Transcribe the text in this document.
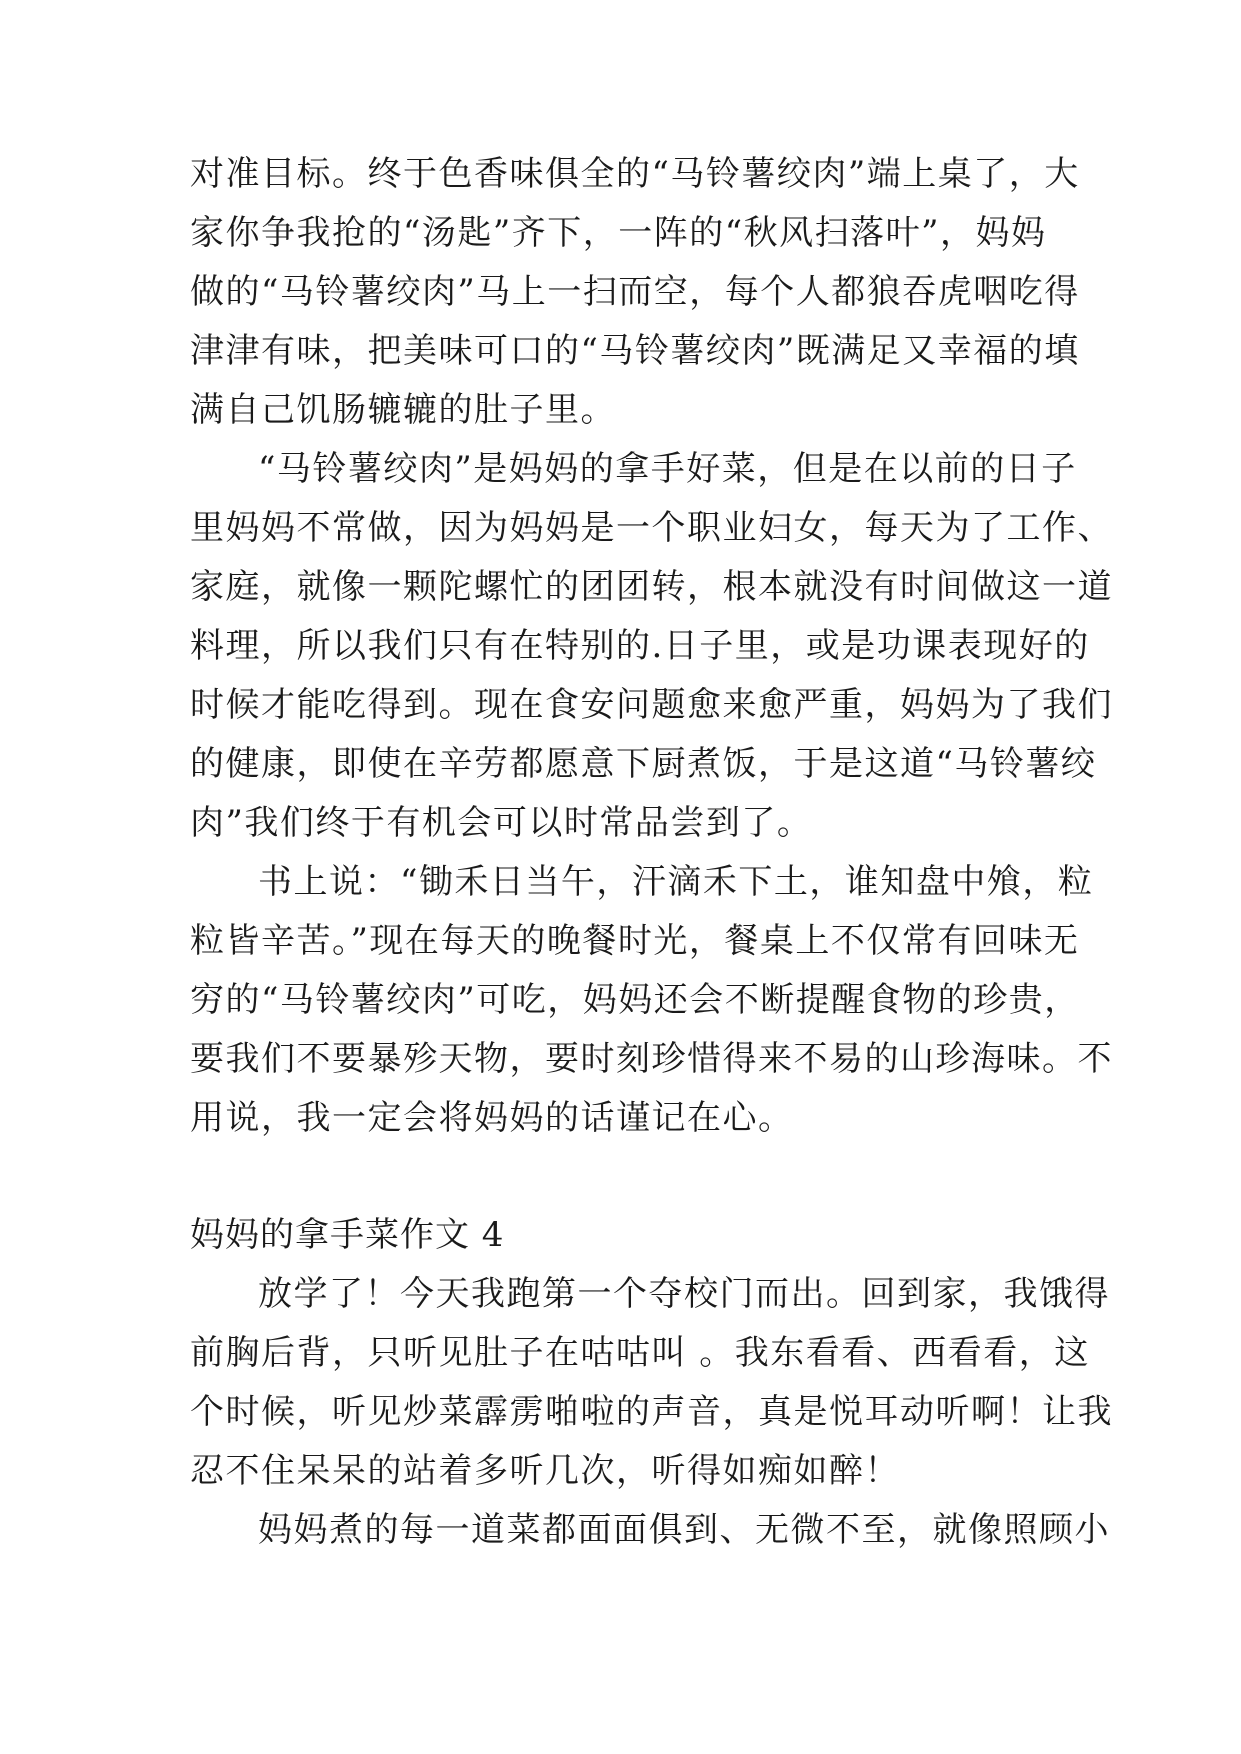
对准目标。终于色香味俱全的“马铃薯绞肉”端上桌了，大
家你争我抢的“汤匙”齐下，一阵的“秋风扫落叶”，妈妈
做的“马铃薯绞肉”马上一扫而空，每个人都狼吞虎咽吃得
津津有味，把美味可口的“马铃薯绞肉”既满足又幸福的填
满自己饥肠辘辘的肚子里。
“马铃薯绞肉”是妈妈的拿手好菜，但是在以前的日子
里妈妈不常做，因为妈妈是一个职业妇女，每天为了工作、
家庭，就像一颗陀螺忙的团团转，根本就没有时间做这一道
料理，所以我们只有在特别的.日子里，或是功课表现好的
时候才能吃得到。现在食安问题愈来愈严重，妈妈为了我们
的健康，即使在辛劳都愿意下厨煮饭，于是这道“马铃薯绞
肉”我们终于有机会可以时常品尝到了。
书上说：“锄禾日当午，汗滴禾下土，谁知盘中飧，粒
粒皆辛苦。”现在每天的晚餐时光，餐桌上不仅常有回味无
穷的“马铃薯绞肉”可吃，妈妈还会不断提醒食物的珍贵，
要我们不要暴殄天物，要时刻珍惜得来不易的山珍海味。不
用说，我一定会将妈妈的话谨记在心。
妈妈的拿手菜作文 4
放学了！今天我跑第一个夺校门而出。回到家，我饿得
前胸后背，只听见肚子在咕咕叫 。我东看看、西看看，这
个时候，听见炒菜霹雳啪啦的声音，真是悦耳动听啊！让我
忍不住呆呆的站着多听几次，听得如痴如醉！
妈妈煮的每一道菜都面面俱到、无微不至，就像照顾小
